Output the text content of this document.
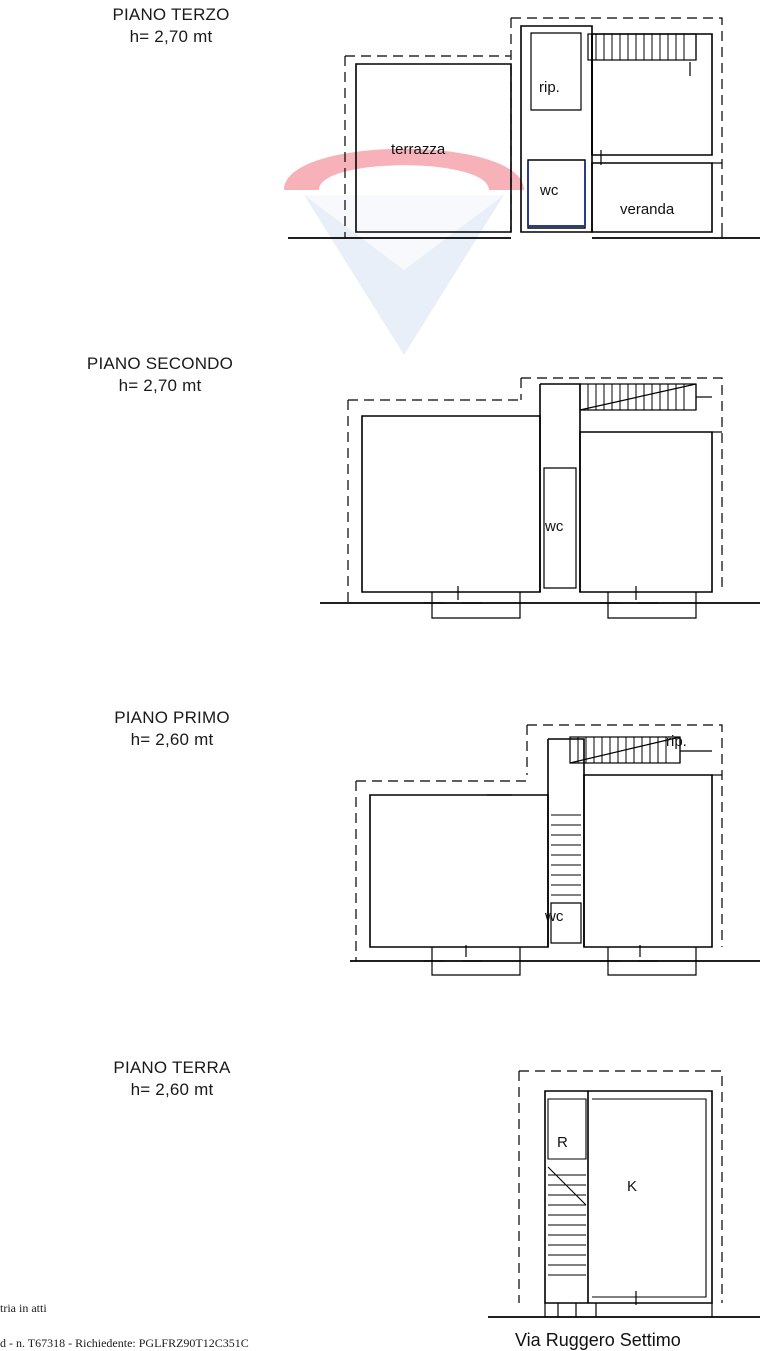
PIANO TERZO
h= 2,70 mt
rip.
terrazza
wc
veranda
PIANO SECONDO
h= 2,70 mt
wc
PIANO PRIMO
h= 2,60 mt	rip.
wc
PIANO TERRA
h= 2,60 mt
R
K
Via Ruggero Settimo
tria in atti
d - n. T67318 - Richiedente: PGLFRZ90T12C351C
